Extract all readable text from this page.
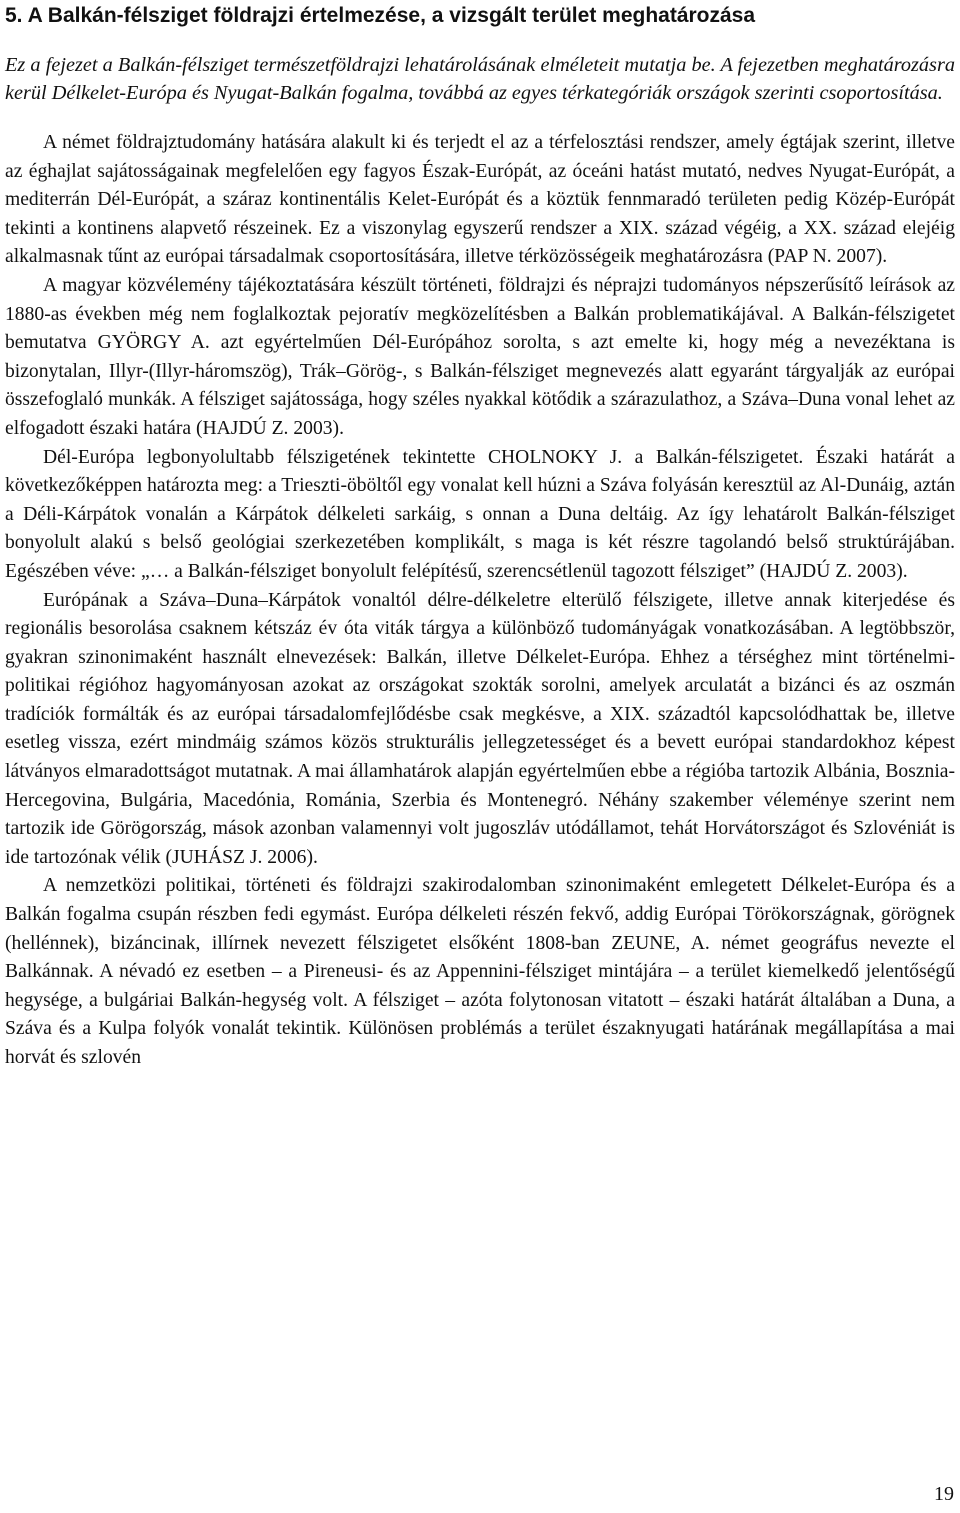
5. A Balkán-félsziget földrajzi értelmezése, a vizsgált terület meghatározása

Ez a fejezet a Balkán-félsziget természetföldrajzi lehatárolásának elméleteit mutatja be. A fejezetben meghatározásra kerül Délkelet-Európa és Nyugat-Balkán fogalma, továbbá az egyes térkategóriák országok szerinti csoportosítása.

A német földrajztudomány hatására alakult ki és terjedt el az a térfelosztási rendszer, amely égtájak szerint, illetve az éghajlat sajátosságainak megfelelően egy fagyos Észak-Európát, az óceáni hatást mutató, nedves Nyugat-Európát, a mediterrán Dél-Európát, a száraz kontinentális Kelet-Európát és a köztük fennmaradó területen pedig Közép-Európát tekinti a kontinens alapvető részeinek. Ez a viszonylag egyszerű rendszer a XIX. század végéig, a XX. század elejéig alkalmasnak tűnt az európai társadalmak csoportosítására, illetve térközösségeik meghatározásra (PAP N. 2007).

A magyar közvélemény tájékoztatására készült történeti, földrajzi és néprajzi tudományos népszerűsítő leírások az 1880-as években még nem foglalkoztak pejoratív megközelítésben a Balkán problematikájával. A Balkán-félszigetet bemutatva GYÖRGY A. azt egyértelműen Dél-Európához sorolta, s azt emelte ki, hogy még a nevezéktana is bizonytalan, Illyr-(Illyr-háromszög), Trák–Görög-, s Balkán-félsziget megnevezés alatt egyaránt tárgyalják az európai összefoglaló munkák. A félsziget sajátossága, hogy széles nyakkal kötődik a szárazulathoz, a Száva–Duna vonal lehet az elfogadott északi határa (HAJDÚ Z. 2003).

Dél-Európa legbonyolultabb félszigetének tekintette CHOLNOKY J. a Balkán-félszigetet. Északi határát a következőképpen határozta meg: a Trieszti-öböltől egy vonalat kell húzni a Száva folyásán keresztül az Al-Dunáig, aztán a Déli-Kárpátok vonalán a Kárpátok délkeleti sarkáig, s onnan a Duna deltáig. Az így lehatárolt Balkán-félsziget bonyolult alakú s belső geológiai szerkezetében komplikált, s maga is két részre tagolandó belső struktúrájában. Egészében véve: „… a Balkán-félsziget bonyolult felépítésű, szerencsétlenül tagozott félsziget” (HAJDÚ Z. 2003).

Európának a Száva–Duna–Kárpátok vonaltól délre-délkeletre elterülő félszigete, illetve annak kiterjedése és regionális besorolása csaknem kétszáz év óta viták tárgya a különböző tudományágak vonatkozásában. A legtöbbször, gyakran szinonimaként használt elnevezések: Balkán, illetve Délkelet-Európa. Ehhez a térséghez mint történelmi-politikai régióhoz hagyományosan azokat az országokat szokták sorolni, amelyek arculatát a bizánci és az oszmán tradíciók formálták és az európai társadalomfejlődésbe csak megkésve, a XIX. századtól kapcsolódhattak be, illetve esetleg vissza, ezért mindmáig számos közös strukturális jellegzetességet és a bevett európai standardokhoz képest látványos elmaradottságot mutatnak. A mai államhatárok alapján egyértelműen ebbe a régióba tartozik Albánia, Bosznia-Hercegovina, Bulgária, Macedónia, Románia, Szerbia és Montenegró. Néhány szakember véleménye szerint nem tartozik ide Görögország, mások azonban valamennyi volt jugoszláv utódállamot, tehát Horvátországot és Szlovéniát is ide tartozónak vélik (JUHÁSZ J. 2006).

A nemzetközi politikai, történeti és földrajzi szakirodalomban szinonimaként emlegetett Délkelet-Európa és a Balkán fogalma csupán részben fedi egymást. Európa délkeleti részén fekvő, addig Európai Törökországnak, görögnek (hellénnek), bizáncinak, illírnek nevezett félszigetet elsőként 1808-ban ZEUNE, A. német geográfus nevezte el Balkánnak. A névadó ez esetben – a Pireneusi- és az Appennini-félsziget mintájára – a terület kiemelkedő jelentőségű hegysége, a bulgáriai Balkán-hegység volt. A félsziget – azóta folytonosan vitatott – északi határát általában a Duna, a Száva és a Kulpa folyók vonalát tekintik. Különösen problémás a terület északnyugati határának megállapítása a mai horvát és szlovén

19
